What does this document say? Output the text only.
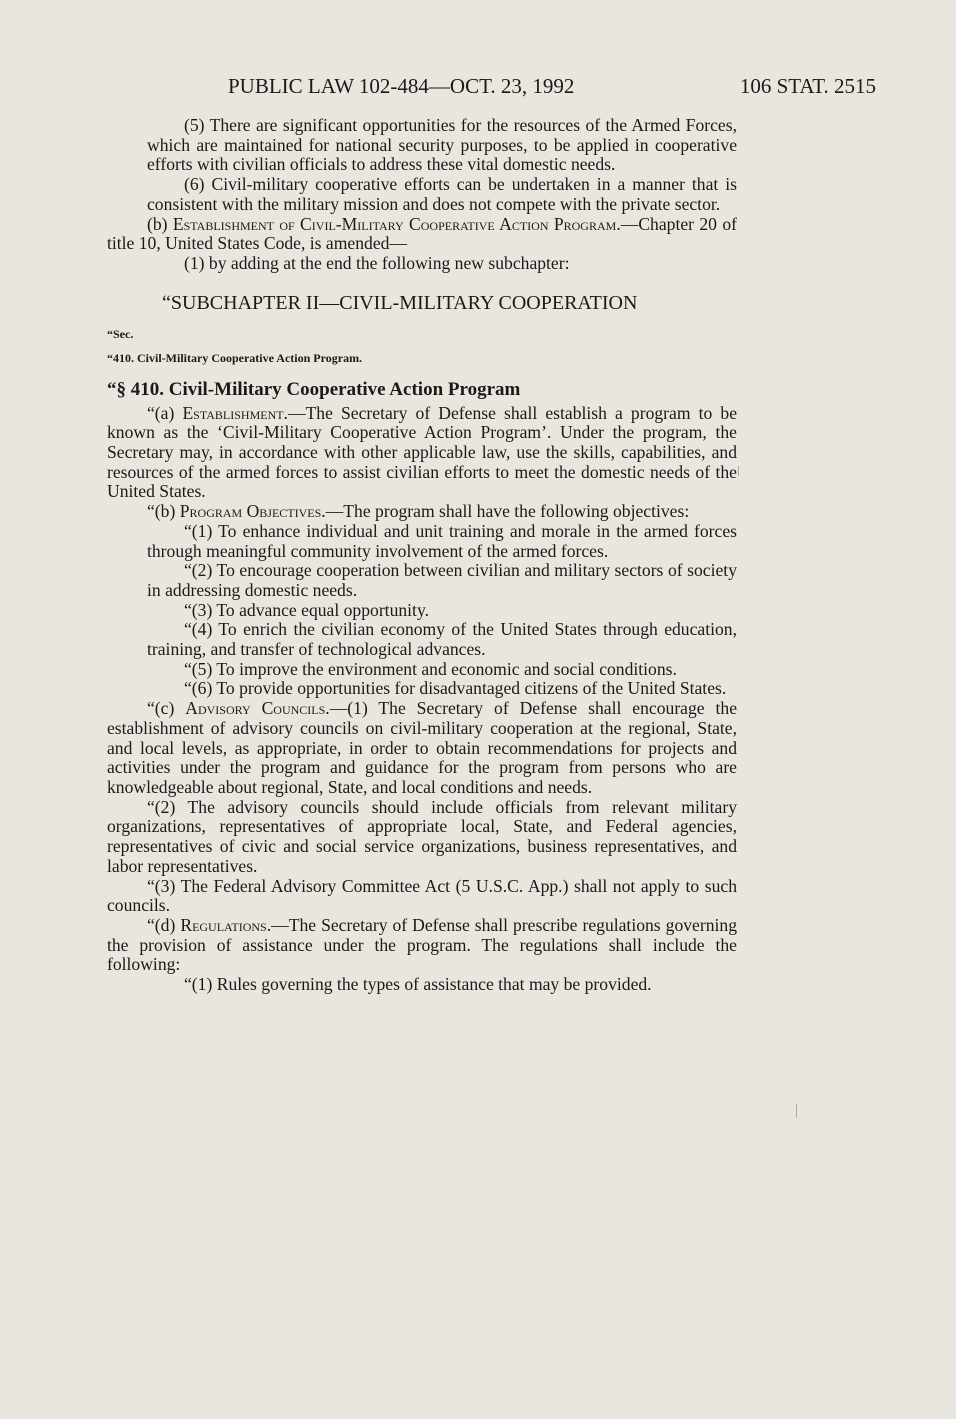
PUBLIC LAW 102-484—OCT. 23, 1992	106 STAT. 2515

(5) There are significant opportunities for the resources of the Armed Forces, which are maintained for national security purposes, to be applied in cooperative efforts with civilian officials to address these vital domestic needs.

(6) Civil-military cooperative efforts can be undertaken in a manner that is consistent with the military mission and does not compete with the private sector.

(b) Establishment of Civil-Military Cooperative Action Program.—Chapter 20 of title 10, United States Code, is amended—

(1) by adding at the end the following new subchapter:

“SUBCHAPTER II—CIVIL-MILITARY COOPERATION

“Sec.

“410. Civil-Military Cooperative Action Program.

“§ 410. Civil-Military Cooperative Action Program

“(a) Establishment.—The Secretary of Defense shall establish a program to be known as the ‘Civil-Military Cooperative Action Program’. Under the program, the Secretary may, in accordance with other applicable law, use the skills, capabilities, and resources of the armed forces to assist civilian efforts to meet the domestic needs of the United States.

“(b) Program Objectives.—The program shall have the following objectives:

“(1) To enhance individual and unit training and morale in the armed forces through meaningful community involvement of the armed forces.

“(2) To encourage cooperation between civilian and military sectors of society in addressing domestic needs.

“(3) To advance equal opportunity.

“(4) To enrich the civilian economy of the United States through education, training, and transfer of technological advances.

“(5) To improve the environment and economic and social conditions.

“(6) To provide opportunities for disadvantaged citizens of the United States.

“(c) Advisory Councils.—(1) The Secretary of Defense shall encourage the establishment of advisory councils on civil-military cooperation at the regional, State, and local levels, as appropriate, in order to obtain recommendations for projects and activities under the program and guidance for the program from persons who are knowledgeable about regional, State, and local conditions and needs.

“(2) The advisory councils should include officials from relevant military organizations, representatives of appropriate local, State, and Federal agencies, representatives of civic and social service organizations, business representatives, and labor representatives.

“(3) The Federal Advisory Committee Act (5 U.S.C. App.) shall not apply to such councils.

“(d) Regulations.—The Secretary of Defense shall prescribe regulations governing the provision of assistance under the program. The regulations shall include the following:

“(1) Rules governing the types of assistance that may be provided.
